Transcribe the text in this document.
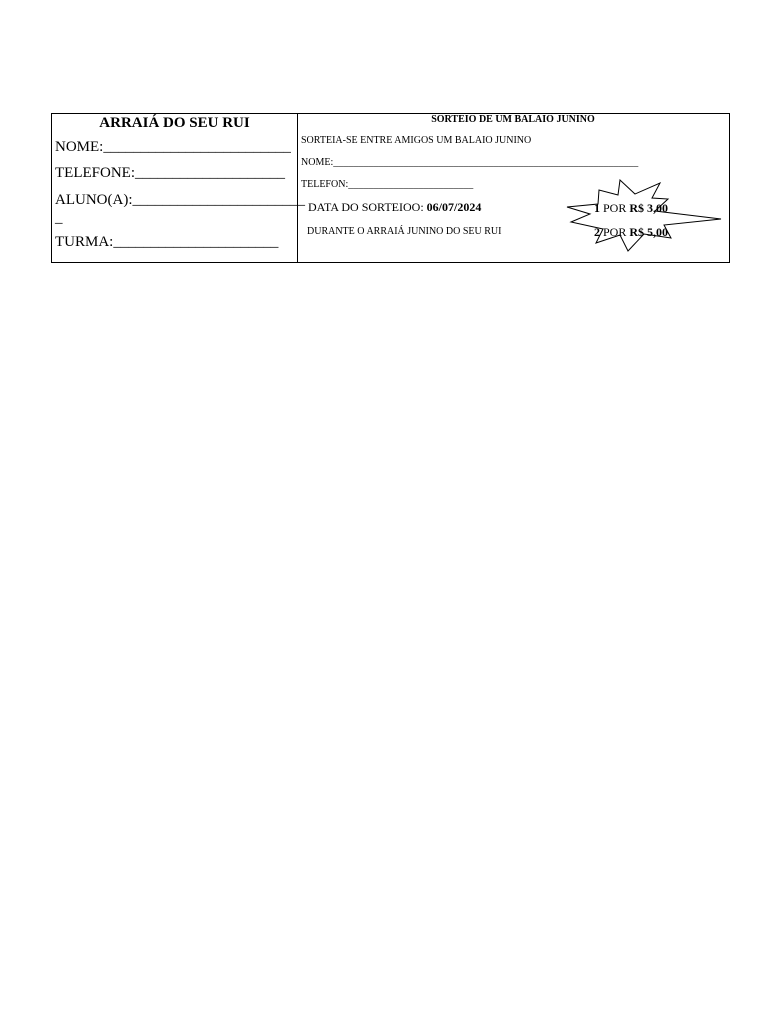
ARRAIÁ DO SEU RUI
NOME:_________________________
TELEFONE:____________________
ALUNO(A):_______________________
_
TURMA:______________________
SORTEIO DE UM BALAIO JUNINO
SORTEIA-SE ENTRE AMIGOS UM BALAIO JUNINO
NOME:_____________________________________________________________
TELEFON:_________________________
DATA DO SORTEIOO: 06/07/2024
DURANTE O ARRAIÁ JUNINO DO SEU RUI
1 POR R$ 3,00
2 POR R$ 5,00
